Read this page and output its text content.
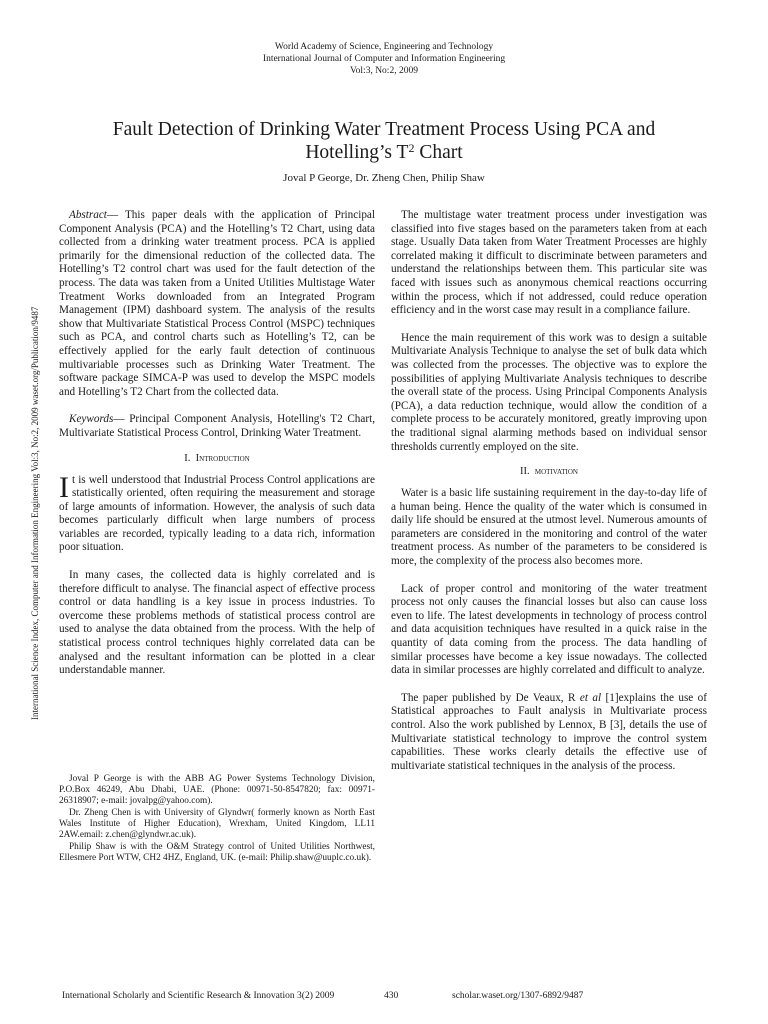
World Academy of Science, Engineering and Technology
International Journal of Computer and Information Engineering
Vol:3, No:2, 2009
Fault Detection of Drinking Water Treatment Process Using PCA and
Hotelling’s $T^2$ Chart
Joval P George, Dr. Zheng Chen, Philip Shaw
International Science Index, Computer and Information Engineering Vol:3, No:2, 2009 waset.org/Publication/9487

Abstract— This paper deals with the application of Principal Component Analysis (PCA) and the Hotelling’s T2 Chart, using data collected from a drinking water treatment process. PCA is applied primarily for the dimensional reduction of the collected data. The Hotelling’s T2 control chart was used for the fault detection of the process. The data was taken from a United Utilities Multistage Water Treatment Works downloaded from an Integrated Program Management (IPM) dashboard system. The analysis of the results show that Multivariate Statistical Process Control (MSPC) techniques such as PCA, and control charts such as Hotelling’s T2, can be effectively applied for the early fault detection of continuous multivariable processes such as Drinking Water Treatment. The software package SIMCA-P was used to develop the MSPC models and Hotelling’s T2 Chart from the collected data.

Keywords— Principal Component Analysis, Hotelling's T2 Chart, Multivariate Statistical Process Control, Drinking Water Treatment.

I. Introduction

It is well understood that Industrial Process Control applications are statistically oriented, often requiring the measurement and storage of large amounts of information. However, the analysis of such data becomes particularly difficult when large numbers of process variables are recorded, typically leading to a data rich, information poor situation.

In many cases, the collected data is highly correlated and is therefore difficult to analyse. The financial aspect of effective process control or data handling is a key issue in process industries. To overcome these problems methods of statistical process control are used to analyse the data obtained from the process. With the help of statistical process control techniques highly correlated data can be analysed and the resultant information can be plotted in a clear understandable manner.

Joval P George is with the ABB AG Power Systems Technology Division, P.O.Box 46249, Abu Dhabi, UAE. (Phone: 00971-50-8547820; fax: 00971-26318907; e-mail: jovalpg@yahoo.com).

Dr. Zheng Chen is with University of Glyndwr( formerly known as North East Wales Institute of Higher Education), Wrexham, United Kingdom, LL11 2AW.email: z.chen@glyndwr.ac.uk).

Philip Shaw is with the O&M Strategy control of United Utilities Northwest, Ellesmere Port WTW, CH2 4HZ, England, UK. (e-mail: Philip.shaw@uuplc.co.uk).

The multistage water treatment process under investigation was classified into five stages based on the parameters taken from at each stage. Usually Data taken from Water Treatment Processes are highly correlated making it difficult to discriminate between parameters and understand the relationships between them. This particular site was faced with issues such as anonymous chemical reactions occurring within the process, which if not addressed, could reduce operation efficiency and in the worst case may result in a compliance failure.

Hence the main requirement of this work was to design a suitable Multivariate Analysis Technique to analyse the set of bulk data which was collected from the processes. The objective was to explore the possibilities of applying Multivariate Analysis techniques to describe the overall state of the process. Using Principal Components Analysis (PCA), a data reduction technique, would allow the condition of a complete process to be accurately monitored, greatly improving upon the traditional signal alarming methods based on individual sensor thresholds currently employed on the site.

II. motivation

Water is a basic life sustaining requirement in the day-to-day life of a human being. Hence the quality of the water which is consumed in daily life should be ensured at the utmost level. Numerous amounts of parameters are considered in the monitoring and control of the water treatment process. As number of the parameters to be considered is more, the complexity of the process also becomes more.

Lack of proper control and monitoring of the water treatment process not only causes the financial losses but also can cause loss even to life. The latest developments in technology of process control and data acquisition techniques have resulted in a quick raise in the quantity of data coming from the process. The data handling of similar processes have become a key issue nowadays. The collected data in similar processes are highly correlated and difficult to analyze.

The paper published by De Veaux, R et al [1]explains the use of Statistical approaches to Fault analysis in Multivariate process control. Also the work published by Lennox, B [3], details the use of Multivariate statistical technology to improve the control system capabilities. These works clearly details the effective use of multivariate statistical techniques in the analysis of the process.

International Scholarly and Scientific Research & Innovation 3(2) 2009	430	scholar.waset.org/1307-6892/9487
